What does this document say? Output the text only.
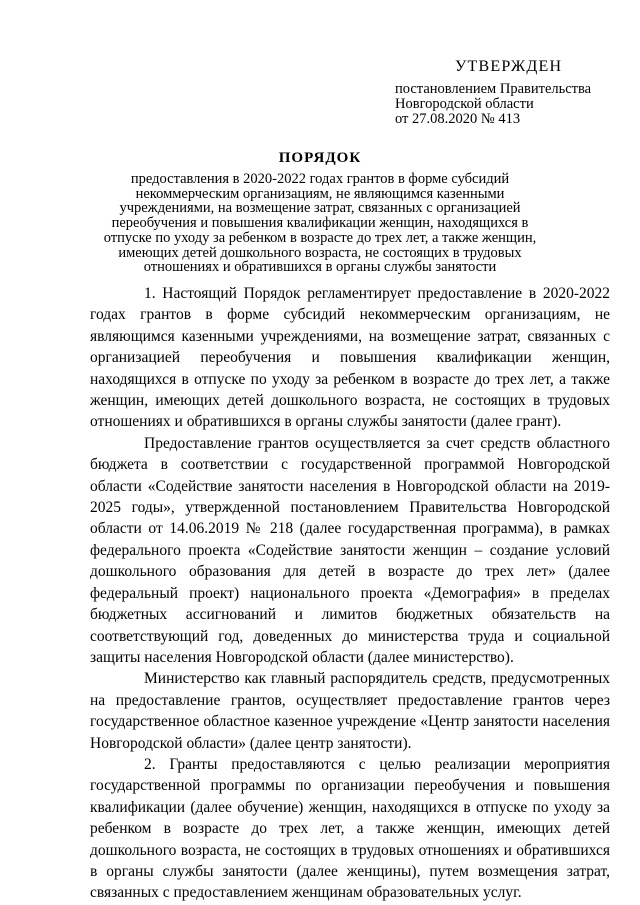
УТВЕРЖДЕН
постановлением Правительства
Новгородской области
от 27.08.2020 № 413
ПОРЯДОК
предоставления в 2020-2022 годах грантов в форме субсидий некоммерческим организациям, не являющимся казенными учреждениями, на возмещение затрат, связанных с организацией переобучения и повышения квалификации женщин, находящихся в отпуске по уходу за ребенком в возрасте до трех лет, а также женщин, имеющих детей дошкольного возраста, не состоящих в трудовых отношениях и обратившихся в органы службы занятости

1. Настоящий Порядок регламентирует предоставление в 2020-2022 годах грантов в форме субсидий некоммерческим организациям, не являющимся казенными учреждениями, на возмещение затрат, связанных с организацией переобучения и повышения квалификации женщин, находящихся в отпуске по уходу за ребенком в возрасте до трех лет, а также женщин, имеющих детей дошкольного возраста, не состоящих в трудовых отношениях и обратившихся в органы службы занятости (далее грант).

Предоставление грантов осуществляется за счет средств областного бюджета в соответствии с государственной программой Новгородской области «Содействие занятости населения в Новгородской области на 2019-2025 годы», утвержденной постановлением Правительства Новгородской области от 14.06.2019 № 218 (далее государственная программа), в рамках федерального проекта «Содействие занятости женщин – создание условий дошкольного образования для детей в возрасте до трех лет» (далее федеральный проект) национального проекта «Демография» в пределах бюджетных ассигнований и лимитов бюджетных обязательств на соответствующий год, доведенных до министерства труда и социальной защиты населения Новгородской области (далее министерство).

Министерство как главный распорядитель средств, предусмотренных на предоставление грантов, осуществляет предоставление грантов через государственное областное казенное учреждение «Центр занятости населения Новгородской области» (далее центр занятости).

2. Гранты предоставляются с целью реализации мероприятия государственной программы по организации переобучения и повышения квалификации (далее обучение) женщин, находящихся в отпуске по уходу за ребенком в возрасте до трех лет, а также женщин, имеющих детей дошкольного возраста, не состоящих в трудовых отношениях и обратившихся в органы службы занятости (далее женщины), путем возмещения затрат, связанных с предоставлением женщинам образовательных услуг.
